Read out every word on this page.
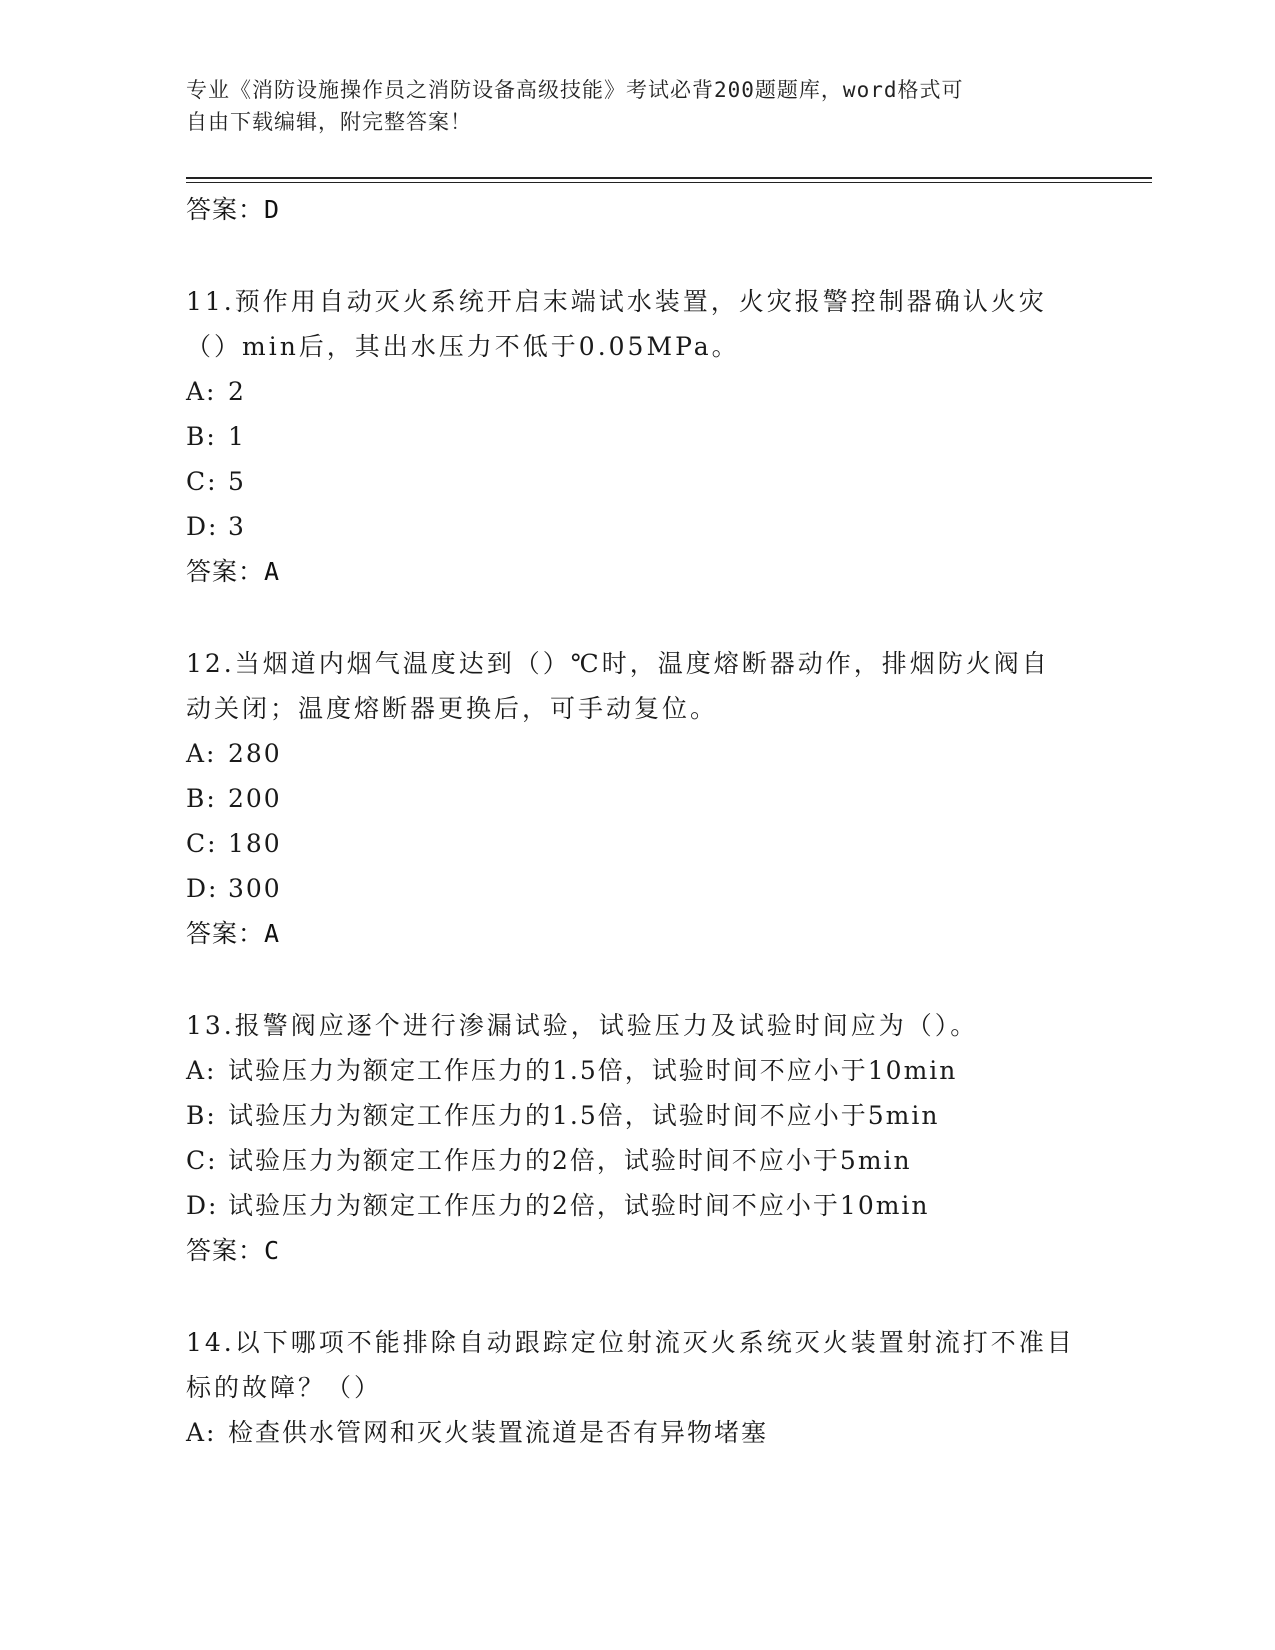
专业《消防设施操作员之消防设备高级技能》考试必背200题题库，word格式可
自由下载编辑，附完整答案！
答案：D
11.预作用自动灭火系统开启末端试水装置，火灾报警控制器确认火灾（）min后，其出水压力不低于0.05MPa。
A: 2
B: 1
C: 5
D: 3
答案：A
12.当烟道内烟气温度达到（）℃时，温度熔断器动作，排烟防火阀自动关闭；温度熔断器更换后，可手动复位。
A: 280
B: 200
C: 180
D: 300
答案：A
13.报警阀应逐个进行渗漏试验，试验压力及试验时间应为（）。
A: 试验压力为额定工作压力的1.5倍，试验时间不应小于10min
B: 试验压力为额定工作压力的1.5倍，试验时间不应小于5min
C: 试验压力为额定工作压力的2倍，试验时间不应小于5min
D: 试验压力为额定工作压力的2倍，试验时间不应小于10min
答案：C
14.以下哪项不能排除自动跟踪定位射流灭火系统灭火装置射流打不准目标的故障？（）
A: 检查供水管网和灭火装置流道是否有异物堵塞
